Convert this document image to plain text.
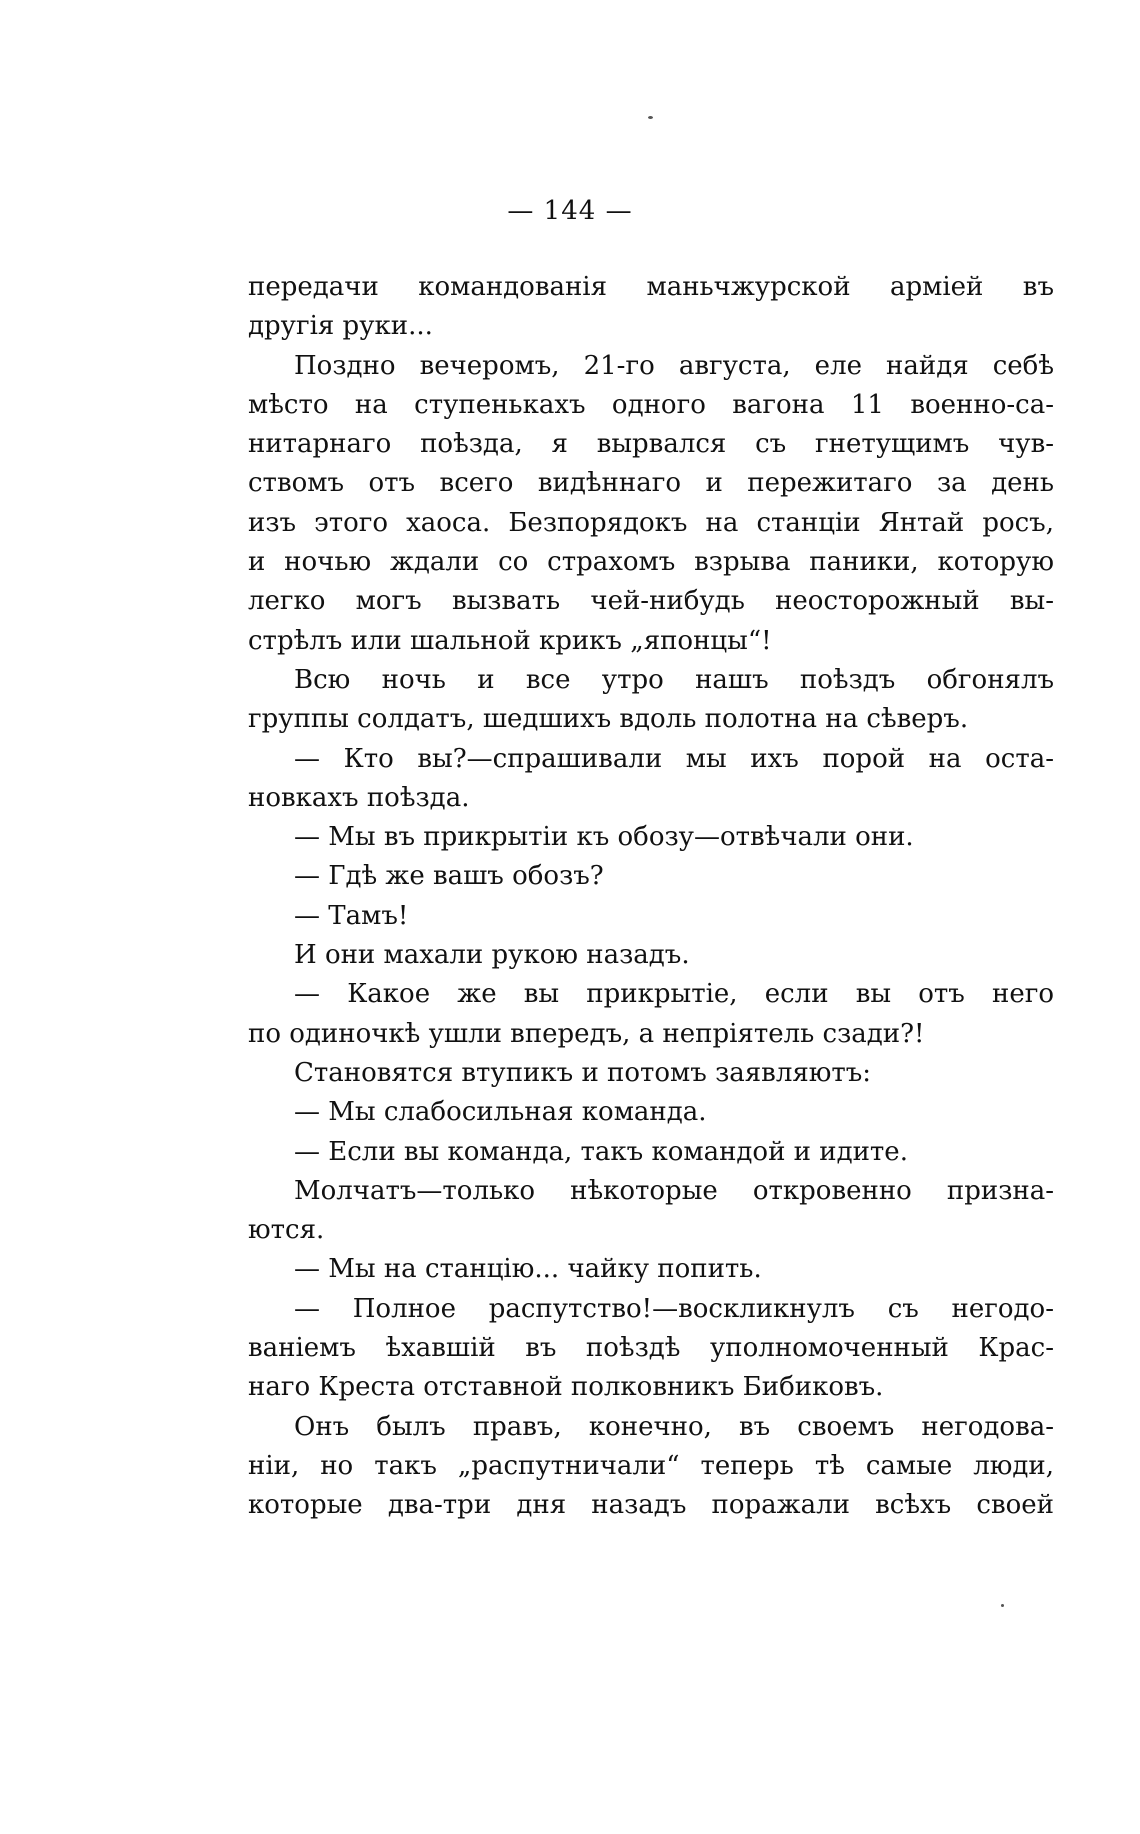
— 144 —
передачи командованія маньчжурской арміей въ
другія руки...
Поздно вечеромъ, 21-го августа, еле найдя себѣ
мѣсто на ступенькахъ одного вагона 11 военно-са-
нитарнаго поѣзда, я вырвался съ гнетущимъ чув-
ствомъ отъ всего видѣннаго и пережитаго за день
изъ этого хаоса. Безпорядокъ на станціи Янтай росъ,
и ночью ждали со страхомъ взрыва паники, которую
легко могъ вызвать чей-нибудь неосторожный вы-
стрѣлъ или шальной крикъ „японцы“!
Всю ночь и все утро нашъ поѣздъ обгонялъ
группы солдатъ, шедшихъ вдоль полотна на сѣверъ.
— Кто вы?—спрашивали мы ихъ порой на оста-
новкахъ поѣзда.
— Мы въ прикрытіи къ обозу—отвѣчали они.
— Гдѣ же вашъ обозъ?
— Тамъ!
И они махали рукою назадъ.
— Какое же вы прикрытіе, если вы отъ него
по одиночкѣ ушли впередъ, а непріятель сзади?!
Становятся втупикъ и потомъ заявляютъ:
— Мы слабосильная команда.
— Если вы команда, такъ командой и идите.
Молчатъ—только нѣкоторые откровенно призна-
ются.
— Мы на станцію... чайку попить.
— Полное распутство!—воскликнулъ съ негодо-
ваніемъ ѣхавшій въ поѣздѣ уполномоченный Крас-
наго Креста отставной полковникъ Бибиковъ.
Онъ былъ правъ, конечно, въ своемъ негодова-
ніи, но такъ „распутничали“ теперь тѣ самые люди,
которые два-три дня назадъ поражали всѣхъ своей
